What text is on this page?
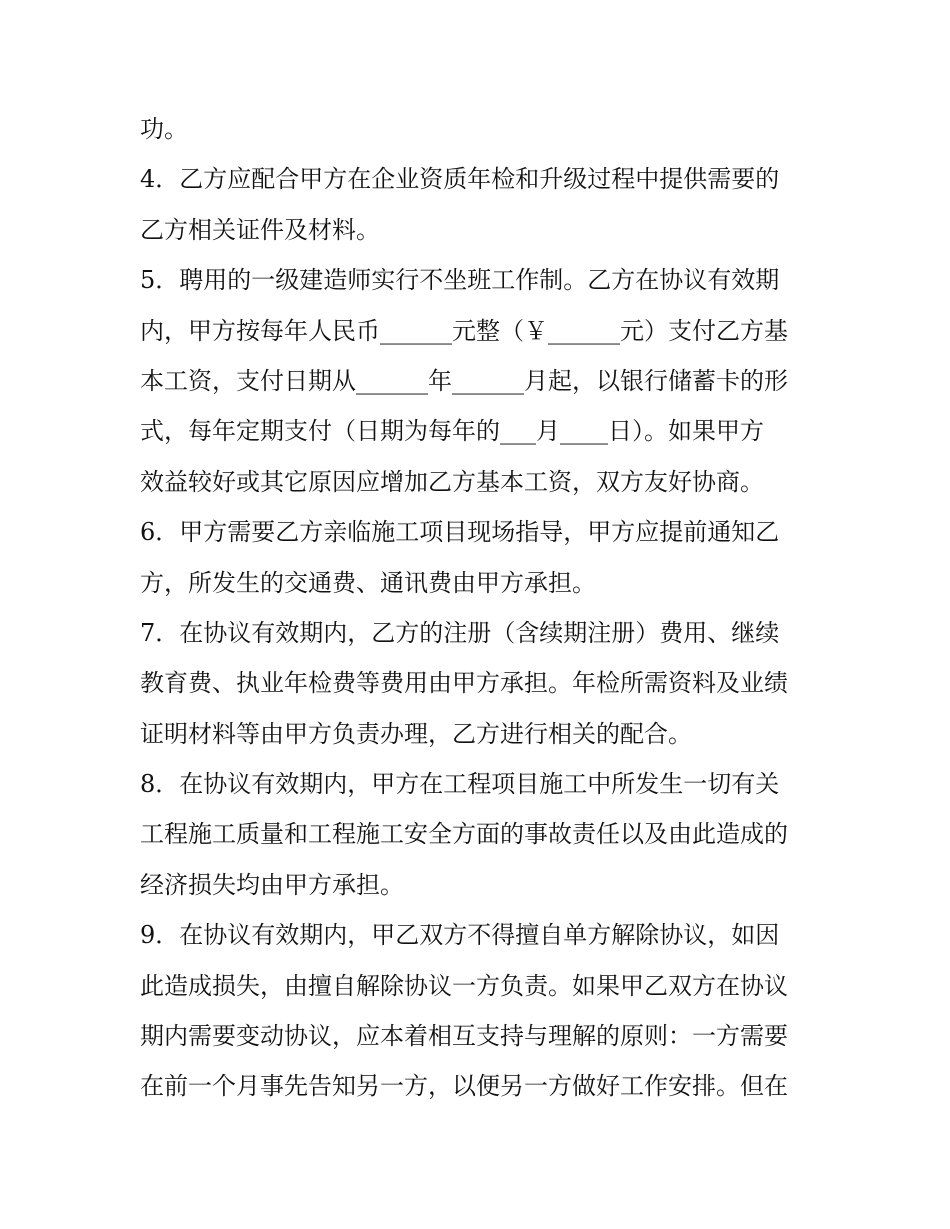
功。
4．乙方应配合甲方在企业资质年检和升级过程中提供需要的
乙方相关证件及材料。
5．聘用的一级建造师实行不坐班工作制。乙方在协议有效期
内，甲方按每年人民币______元整（￥______元）支付乙方基
本工资，支付日期从______年______月起，以银行储蓄卡的形
式，每年定期支付（日期为每年的___月____日）。如果甲方
效益较好或其它原因应增加乙方基本工资，双方友好协商。
6．甲方需要乙方亲临施工项目现场指导，甲方应提前通知乙
方，所发生的交通费、通讯费由甲方承担。
7．在协议有效期内，乙方的注册（含续期注册）费用、继续
教育费、执业年检费等费用由甲方承担。年检所需资料及业绩
证明材料等由甲方负责办理，乙方进行相关的配合。
8．在协议有效期内，甲方在工程项目施工中所发生一切有关
工程施工质量和工程施工安全方面的事故责任以及由此造成的
经济损失均由甲方承担。
9．在协议有效期内，甲乙双方不得擅自单方解除协议，如因
此造成损失，由擅自解除协议一方负责。如果甲乙双方在协议
期内需要变动协议，应本着相互支持与理解的原则：一方需要
在前一个月事先告知另一方，以便另一方做好工作安排。但在
